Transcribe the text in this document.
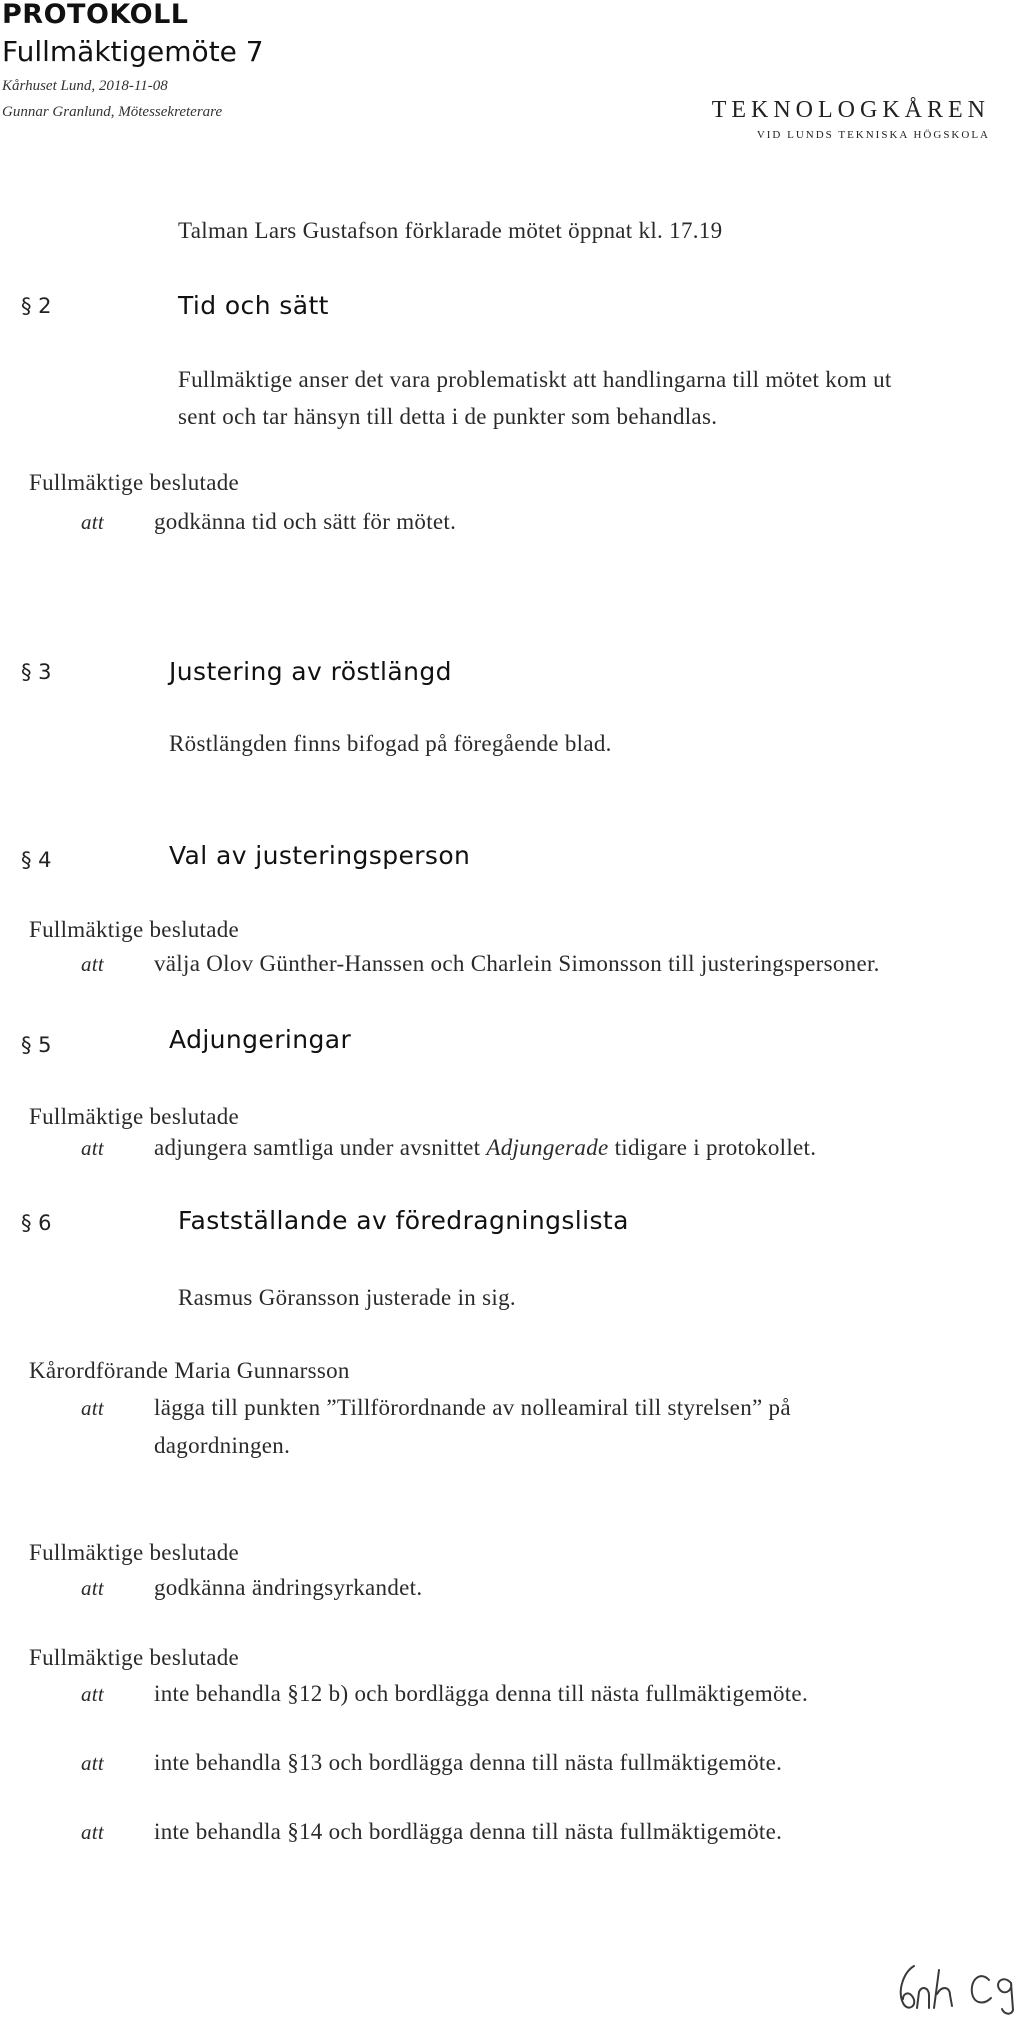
PROTOKOLL
Fullmäktigemöte 7
Kårhuset Lund, 2018-11-08
Gunnar Granlund, Mötessekreterare	TEKNOLOGKÅREN
VID LUNDS TEKNISKA HÖGSKOLA
Talman Lars Gustafson förklarade mötet öppnat kl. 17.19
§ 2	Tid och sätt
Fullmäktige anser det vara problematiskt att handlingarna till mötet kom ut
sent och tar hänsyn till detta i de punkter som behandlas.
Fullmäktige beslutade
att godkänna tid och sätt för mötet.
§ 3	Justering av röstlängd
Röstlängden finns bifogad på föregående blad.
§ 4	Val av justeringsperson
Fullmäktige beslutade
att välja Olov Günther-Hanssen och Charlein Simonsson till justeringspersoner.
§ 5	Adjungeringar
Fullmäktige beslutade
att adjungera samtliga under avsnittet Adjungerade tidigare i protokollet.
§ 6	Fastställande av föredragningslista
Rasmus Göransson justerade in sig.
Kårordförande Maria Gunnarsson
att lägga till punkten ”Tillförordnande av nolleamiral till styrelsen” på
dagordningen.
Fullmäktige beslutade
att godkänna ändringsyrkandet.
Fullmäktige beslutade
att inte behandla §12 b) och bordlägga denna till nästa fullmäktigemöte.
att inte behandla §13 och bordlägga denna till nästa fullmäktigemöte.
att inte behandla §14 och bordlägga denna till nästa fullmäktigemöte.
